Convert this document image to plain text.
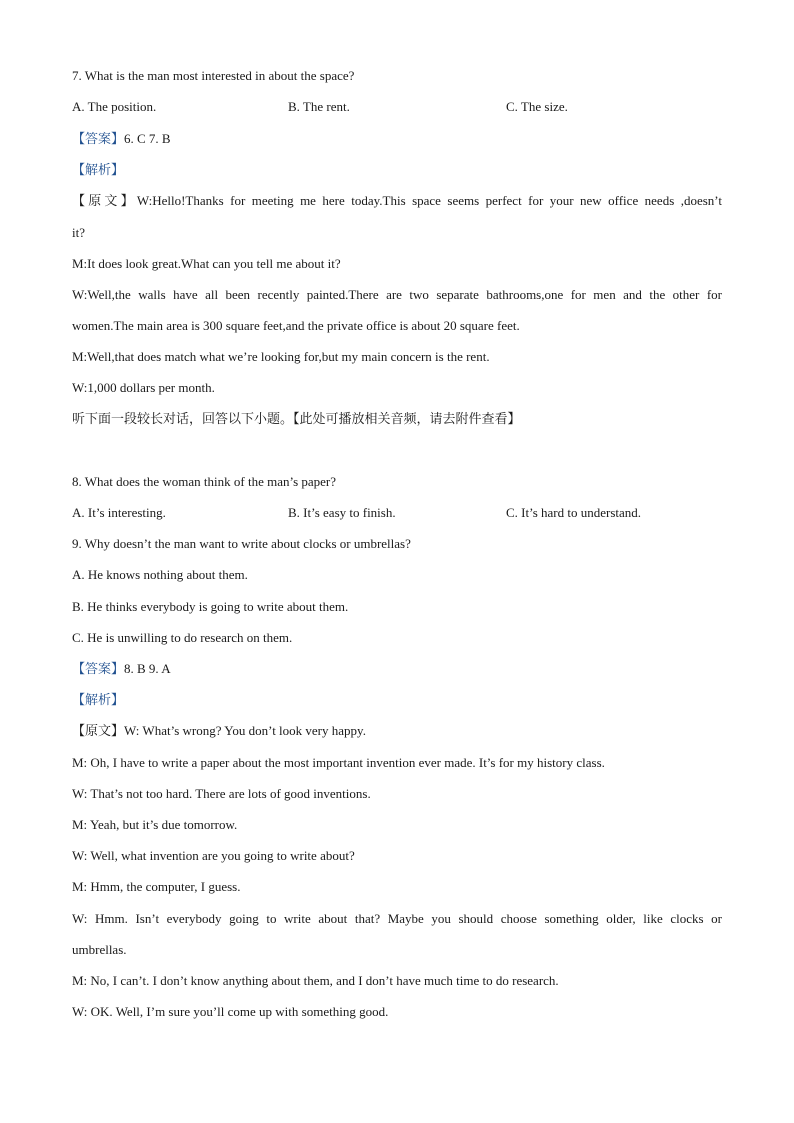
7. What is the man most interested in about the space?
A. The position.	B. The rent.	C. The size.
【答案】6. C 7. B
【解析】
【原文】W:Hello!Thanks for meeting me here today.This space seems perfect for your new office needs ,doesn’t
it?
M:It does look great.What can you tell me about it?
W:Well,the walls have all been recently painted.There are two separate bathrooms,one for men and the other for
women.The main area is 300 square feet,and the private office is about 20 square feet.
M:Well,that does match what we’re looking for,but my main concern is the rent.
W:1,000 dollars per month.
听下面一段较长对话，回答以下小题。【此处可播放相关音频，请去附件查看】
8. What does the woman think of the man’s paper?
A. It’s interesting.	B. It’s easy to finish.	C. It’s hard to understand.
9. Why doesn’t the man want to write about clocks or umbrellas?
A. He knows nothing about them.
B. He thinks everybody is going to write about them.
C. He is unwilling to do research on them.
【答案】8. B 9. A
【解析】
【原文】W: What’s wrong? You don’t look very happy.
M: Oh, I have to write a paper about the most important invention ever made. It’s for my history class.
W: That’s not too hard. There are lots of good inventions.
M: Yeah, but it’s due tomorrow.
W: Well, what invention are you going to write about?
M: Hmm, the computer, I guess.
W: Hmm. Isn’t everybody going to write about that? Maybe you should choose something older, like clocks or
umbrellas.
M: No, I can’t. I don’t know anything about them, and I don’t have much time to do research.
W: OK. Well, I’m sure you’ll come up with something good.
